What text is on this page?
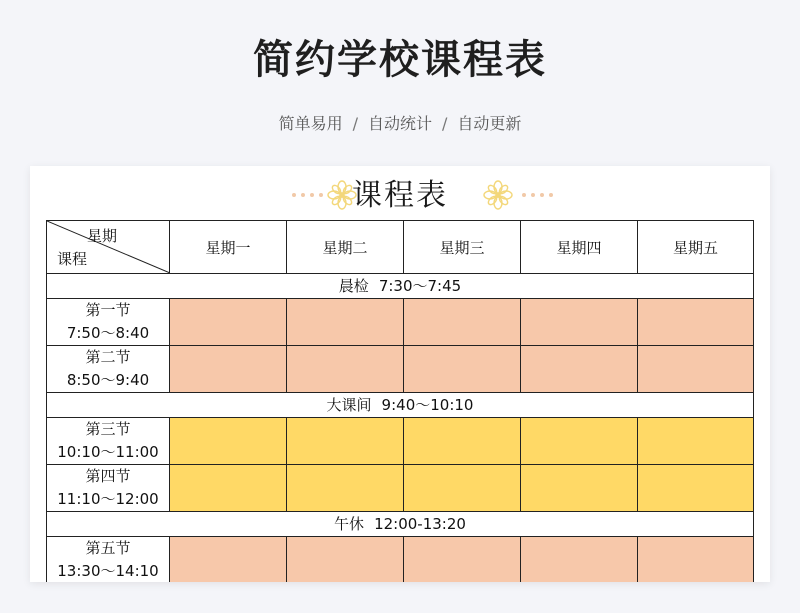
简约学校课程表
简单易用 / 自动统计 / 自动更新
课程表
星期
课程	星期一	星期二	星期三	星期四	星期五
晨检 7:30～7:45					

第一节
7:50～8:40					

第二节
8:50～9:40					

大课间 9:40～10:10					

第三节
10:10～11:00					

第四节
11:10～12:00					

午休 12:00-13:20					

第五节
13:30～14:10					
